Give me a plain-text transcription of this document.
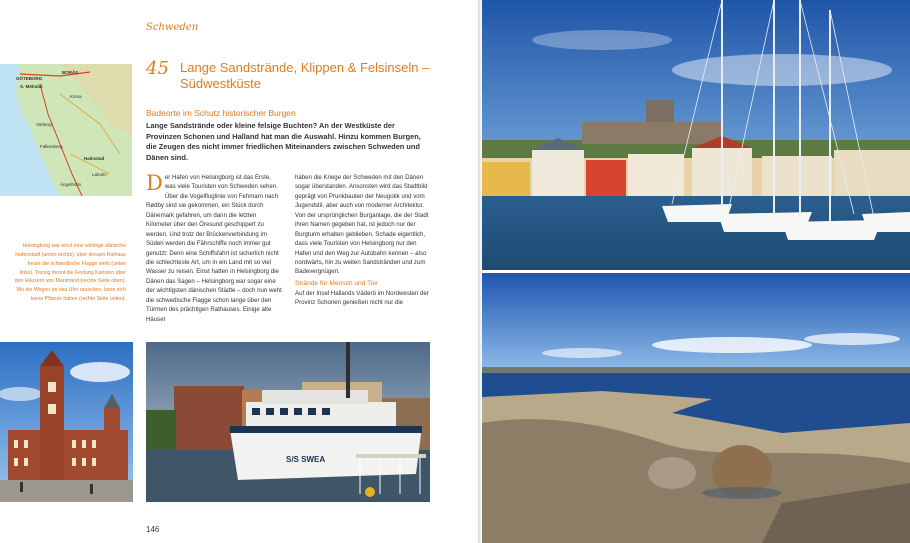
Schweden
GÖTEBORG
BORÅS
S. Mölndal
Kinna
Varberg
Falkenberg
Halmstad
Laholm
Ängelholm
Helsingborg war einst eine wichtige dänische Hafenstadt (unten rechts), über dessen Rathaus heute die schwedische Flagge weht (unten links). Trutzig thront die Festung Karlsten über den Häusern von Marstrand (rechte Seite oben). Wo die Wogen an das Ufer rauschen, kann sich keine Pflanze halten (rechte Seite unten).
45 Lange Sandstrände, Klippen & Felsinseln – Südwestküste
Badeorte im Schutz historischer Burgen
Lange Sandstrände oder kleine felsige Buchten? An der Westküste der Provinzen Schonen und Halland hat man die Auswahl. Hinzu kommen Burgen, die Zeugen des nicht immer friedlichen Miteinanders zwischen Schweden und Dänen sind.
Der Hafen von Helsingborg ist das Erste, was viele Touristen von Schweden sehen. Über die Vogelfluglinie von Fehmarn nach Rødby sind sie gekommen, ein Stück durch Dänemark gefahren, um dann die letzten Kilometer über den Öresund geschippert zu werden. Und trotz der Brückenverbindung im Süden werden die Fährschiffe noch immer gut genutzt: Denn eine Schiffsfahrt ist sicherlich nicht die schlechteste Art, um in ein Land mit so viel Wasser zu reisen. Einst hatten in Helsingborg die Dänen das Sagen – Helsingborg war sogar eine der wichtigsten dänischen Städte – doch nun weht die schwedische Flagge schon lange über den Türmen des prächtigen Rathauses. Einige alte Häuser
haben die Kriege der Schweden mit den Dänen sogar überstanden. Ansonsten wird das Stadtbild geprägt von Prunkbauten der Neugotik und vom Jugendstil, aber auch von moderner Architektur. Von der ursprünglichen Burganlage, die der Stadt ihren Namen gegeben hat, ist jedoch nur der Burgturm erhalten geblieben. Schade eigentlich, dass viele Touristen von Helsingborg nur den Hafen und den Weg zur Autobahn kennen – also nordwärts, hin zu weiten Sandstränden und zum Badevergnügen.
Strände für Mensch und Tier
Auf der Insel Hallands Väderö im Nordwesten der Provinz Schonen genießen nicht nur die
S/S SWEA
146
